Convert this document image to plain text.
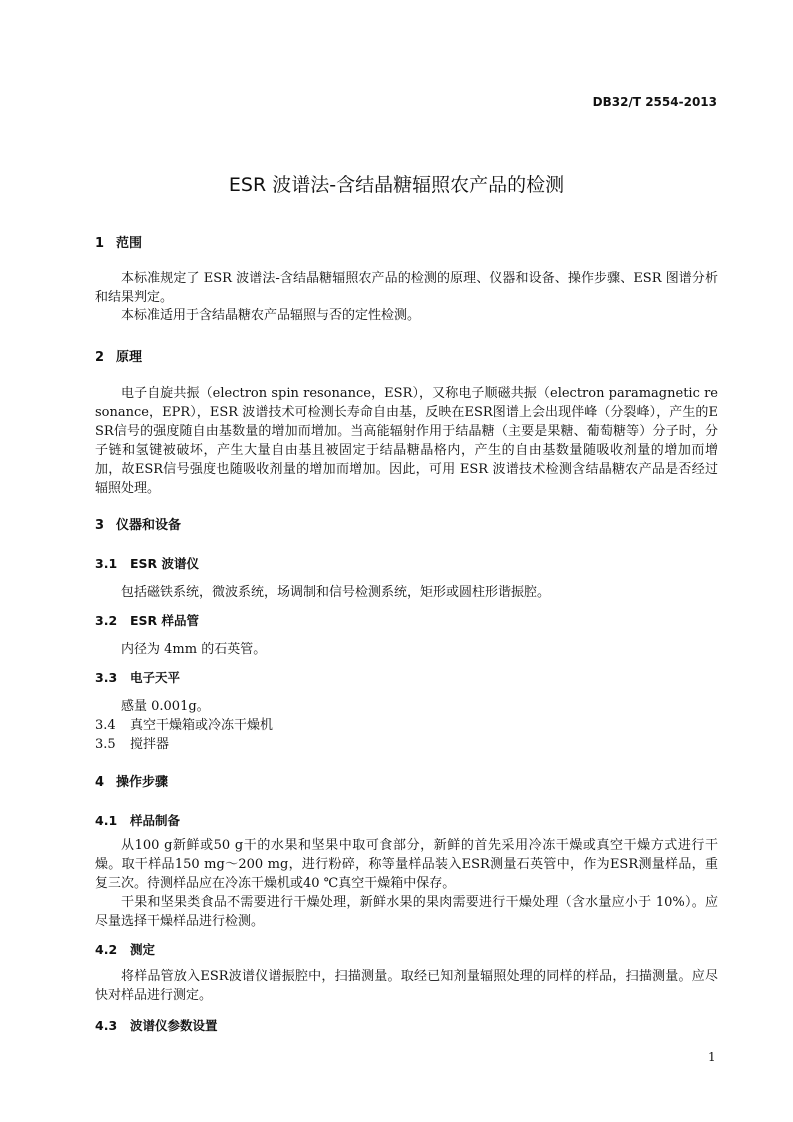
DB32/T 2554-2013
ESR 波谱法-含结晶糖辐照农产品的检测
1 范围
本标准规定了 ESR 波谱法-含结晶糖辐照农产品的检测的原理、仪器和设备、操作步骤、ESR 图谱分析和结果判定。
本标准适用于含结晶糖农产品辐照与否的定性检测。
2 原理
电子自旋共振（electron spin resonance，ESR），又称电子顺磁共振（electron paramagnetic resonance，EPR），ESR 波谱技术可检测长寿命自由基，反映在ESR图谱上会出现伴峰（分裂峰），产生的ESR信号的强度随自由基数量的增加而增加。当高能辐射作用于结晶糖（主要是果糖、葡萄糖等）分子时，分子链和氢键被破坏，产生大量自由基且被固定于结晶糖晶格内，产生的自由基数量随吸收剂量的增加而增加，故ESR信号强度也随吸收剂量的增加而增加。因此，可用 ESR 波谱技术检测含结晶糖农产品是否经过辐照处理。
3 仪器和设备
3.1 ESR 波谱仪
包括磁铁系统，微波系统，场调制和信号检测系统，矩形或圆柱形谐振腔。
3.2 ESR 样品管
内径为 4mm 的石英管。
3.3 电子天平
感量 0.001g。
3.4 真空干燥箱或冷冻干燥机
3.5 搅拌器
4 操作步骤
4.1 样品制备
从100 g新鲜或50 g干的水果和坚果中取可食部分，新鲜的首先采用冷冻干燥或真空干燥方式进行干燥。取干样品150 mg～200 mg，进行粉碎，称等量样品装入ESR测量石英管中，作为ESR测量样品，重复三次。待测样品应在冷冻干燥机或40 ℃真空干燥箱中保存。
干果和坚果类食品不需要进行干燥处理，新鲜水果的果肉需要进行干燥处理（含水量应小于 10%）。应尽量选择干燥样品进行检测。
4.2 测定
将样品管放入ESR波谱仪谱振腔中，扫描测量。取经已知剂量辐照处理的同样的样品，扫描测量。应尽快对样品进行测定。
4.3 波谱仪参数设置
1
